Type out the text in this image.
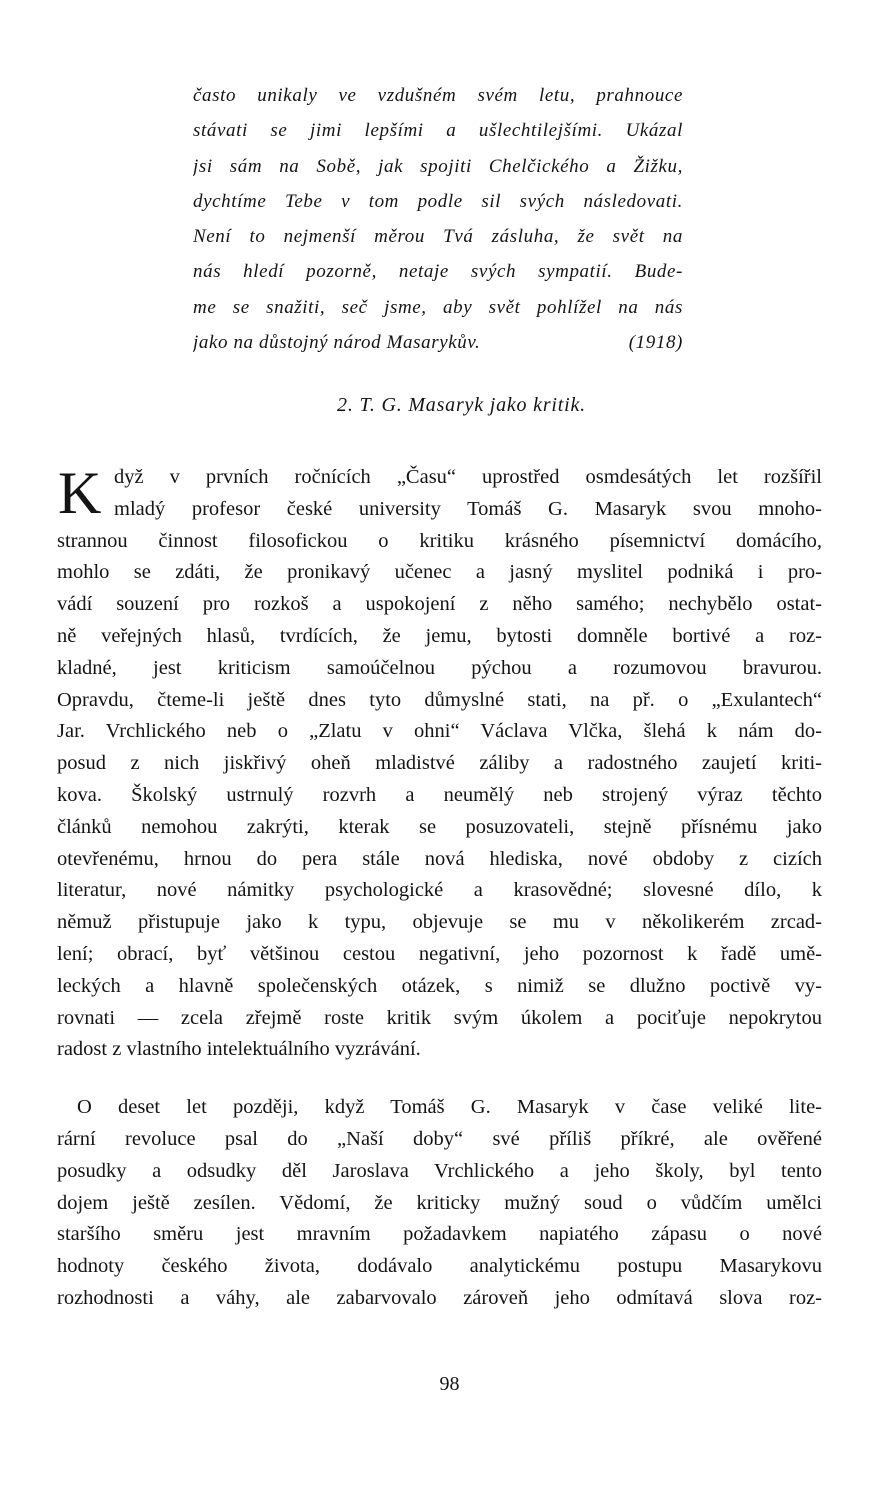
často unikaly ve vzdušném svém letu, prahnouce
stávati se jimi lepšími a ušlechtilejšími. Ukázal
jsi sám na Sobě, jak spojiti Chelčického a Žižku,
dychtíme Tebe v tom podle sil svých následovati.
Není to nejmenší měrou Tvá zásluha, že svět na
nás hledí pozorně, netaje svých sympatií. Bude-
me se snažiti, seč jsme, aby svět pohlížel na nás
jako na důstojný národ Masarykův.	(1918)
2. T. G. Masaryk jako kritik.
K dyž v prvních ročnících „Času“ uprostřed osmdesátých let rozšířil
mladý profesor české university Tomáš G. Masaryk svou mnoho-
strannou činnost filosofickou o kritiku krásného písemnictví domácího,
mohlo se zdáti, že pronikavý učenec a jasný myslitel podniká i pro-
vádí souzení pro rozkoš a uspokojení z něho samého; nechybělo ostat-
ně veřejných hlasů, tvrdících, že jemu, bytosti domněle bortivé a roz-
kladné, jest kriticism samoúčelnou pýchou a rozumovou bravurou.
Opravdu, čteme-li ještě dnes tyto důmyslné stati, na př. o „Exulantech“
Jar. Vrchlického neb o „Zlatu v ohni“ Václava Vlčka, šlehá k nám do-
posud z nich jiskřivý oheň mladistvé záliby a radostného zaujetí kriti-
kova. Školský ustrnulý rozvrh a neumělý neb strojený výraz těchto
článků nemohou zakrýti, kterak se posuzovateli, stejně přísnému jako
otevřenému, hrnou do pera stále nová hlediska, nové obdoby z cizích
literatur, nové námitky psychologické a krasovědné; slovesné dílo, k
němuž přistupuje jako k typu, objevuje se mu v několikerém zrcad-
lení; obrací, byť většinou cestou negativní, jeho pozornost k řadě umě-
leckých a hlavně společenských otázek, s nimiž se dlužno poctivě vy-
rovnati — zcela zřejmě roste kritik svým úkolem a pociťuje nepokrytou
radost z vlastního intelektuálního vyzrávání.
O deset let později, když Tomáš G. Masaryk v čase veliké lite-
rární revoluce psal do „Naší doby“ své příliš příkré, ale ověřené
posudky a odsudky děl Jaroslava Vrchlického a jeho školy, byl tento
dojem ještě zesílen. Vědomí, že kriticky mužný soud o vůdčím umělci
staršího směru jest mravním požadavkem napiatého zápasu o nové
hodnoty českého života, dodávalo analytickému postupu Masarykovu
rozhodnosti a váhy, ale zabarvovalo zároveň jeho odmítavá slova roz-
98
